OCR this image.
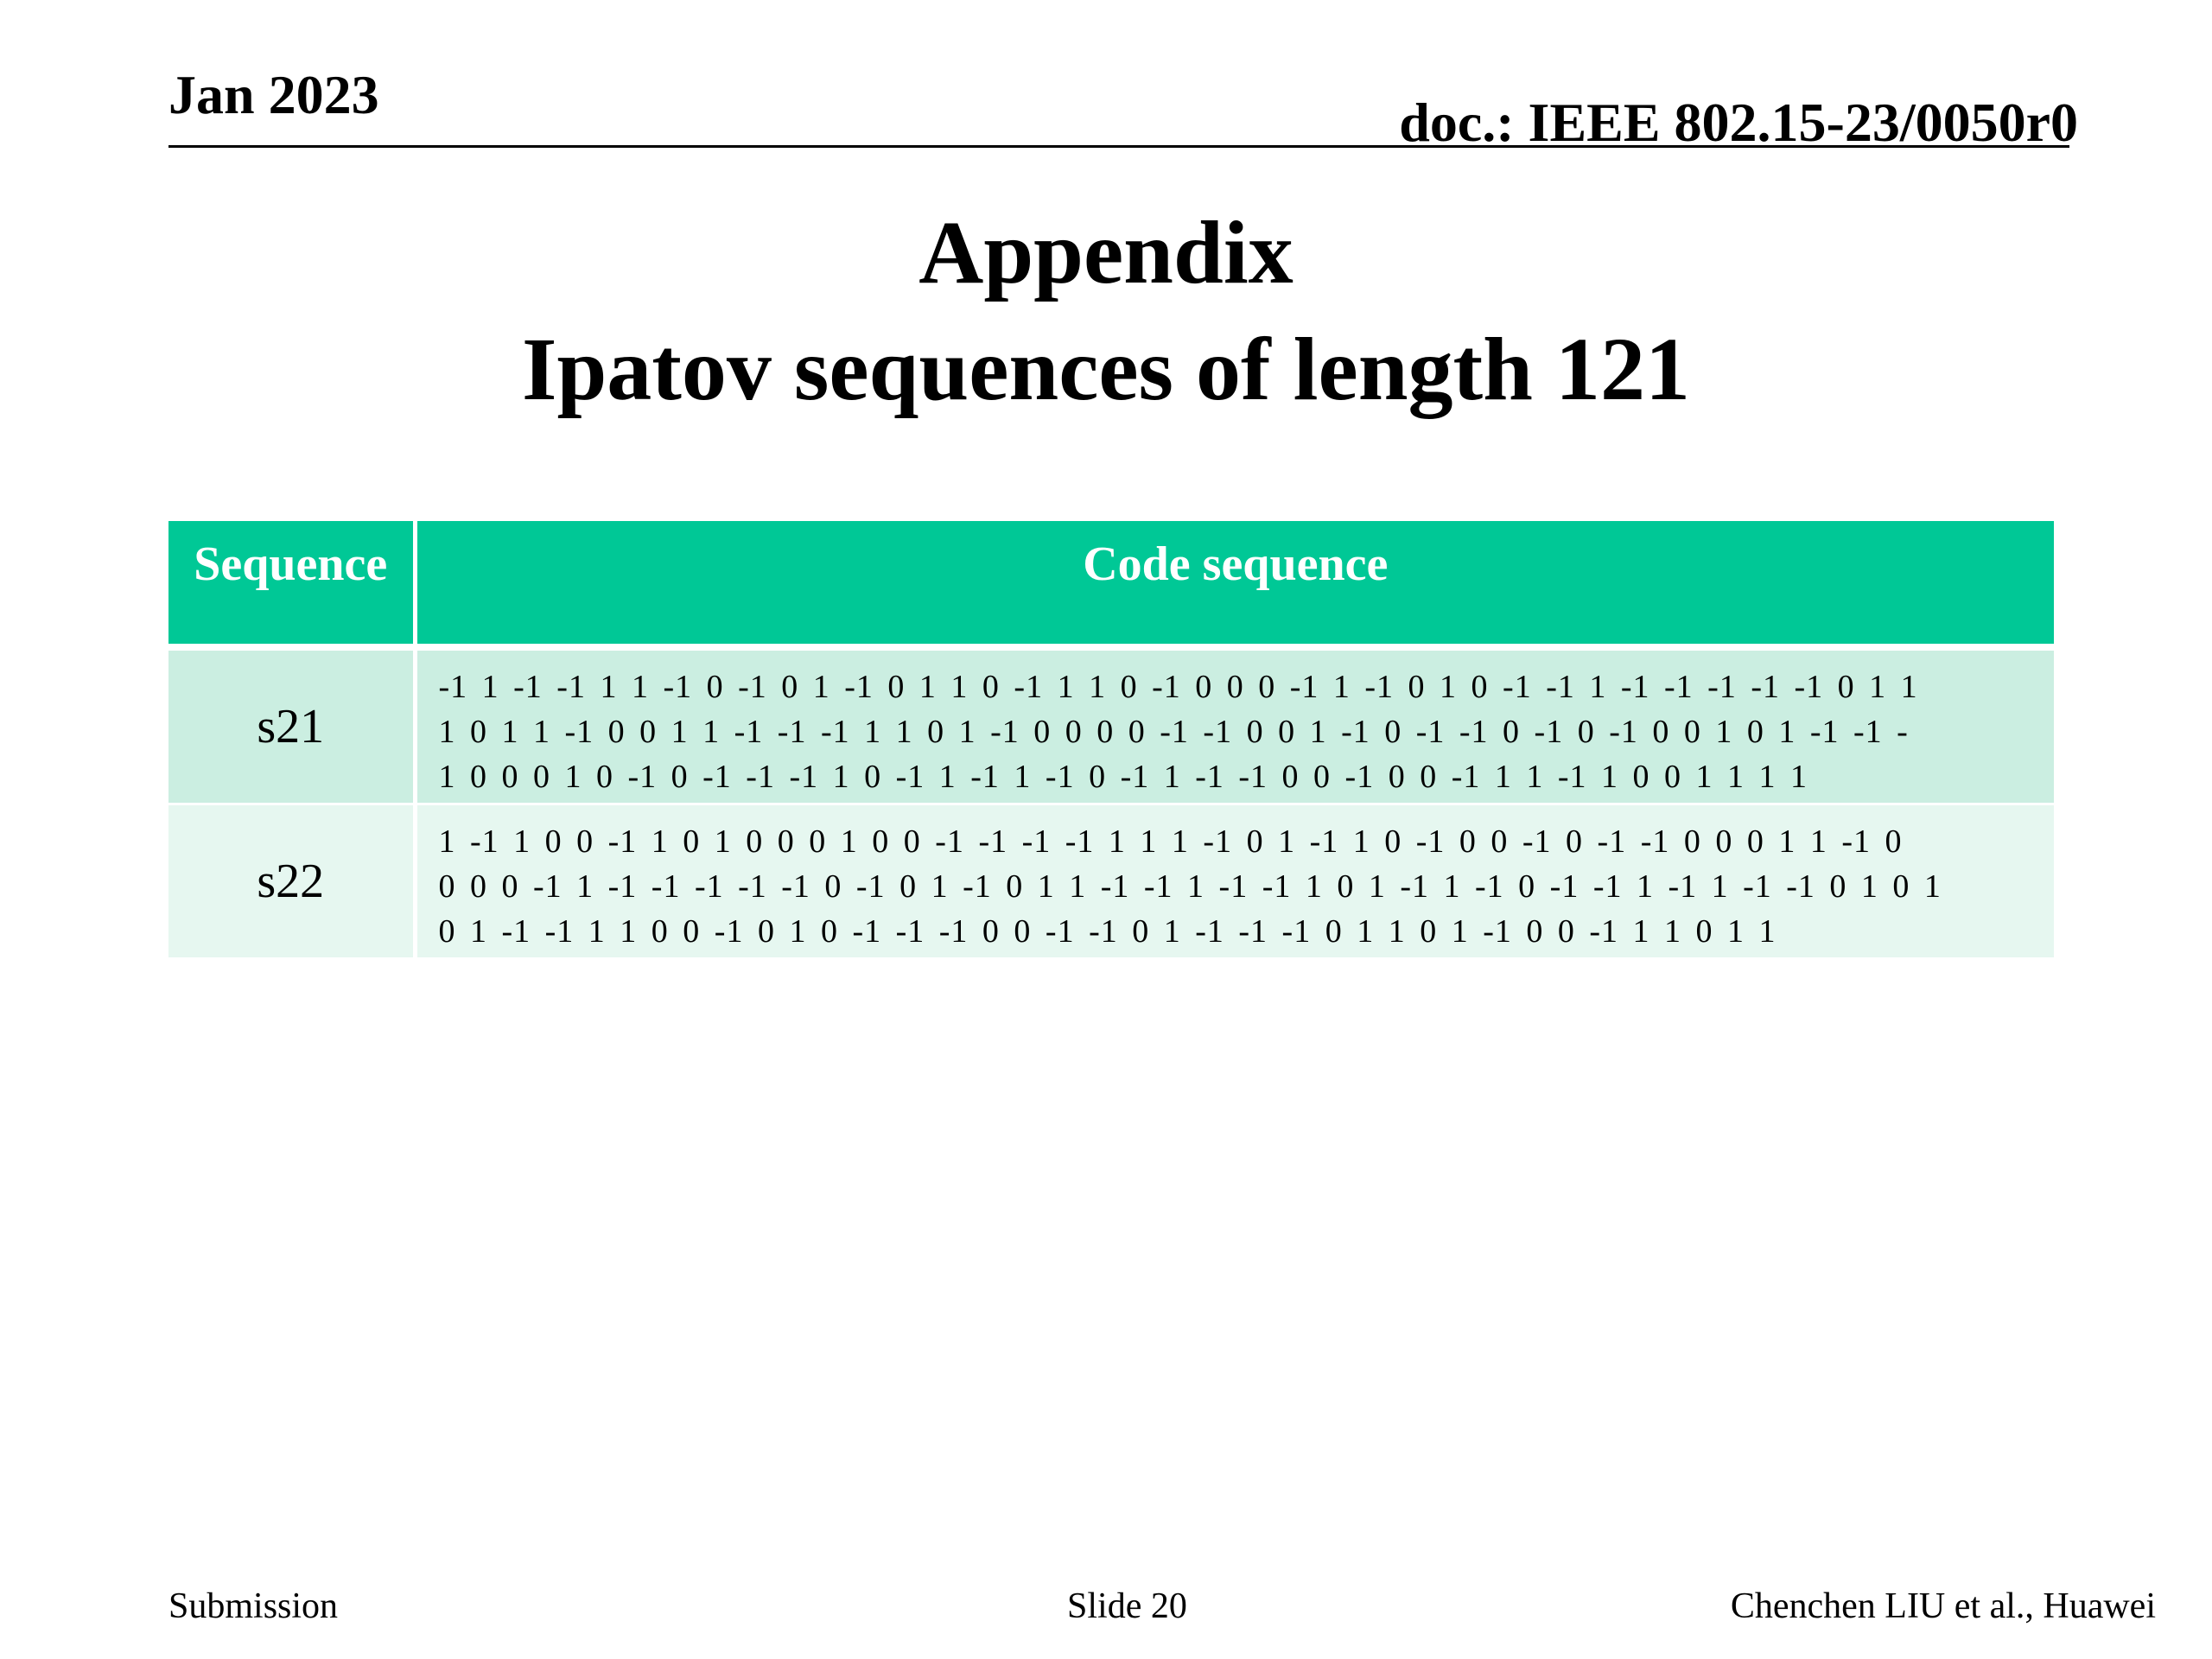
Jan 2023	doc.: IEEE 802.15-23/0050r0
Appendix
Ipatov sequences of length 121
Sequence	Code sequence

s21	-1 1 -1 -1 1 1 -1 0 -1 0 1 -1 0 1 1 0 -1 1 1 0 -1 0 0 0 -1 1 -1 0 1 0 -1 -1 1 -1 -1 -1 -1 -1 0 1 1
1 0 1 1 -1 0 0 1 1 -1 -1 -1 1 1 0 1 -1 0 0 0 0 -1 -1 0 0 1 -1 0 -1 -1 0 -1 0 -1 0 0 1 0 1 -1 -1 -
1 0 0 0 1 0 -1 0 -1 -1 -1 1 0 -1 1 -1 1 -1 0 -1 1 -1 -1 0 0 -1 0 0 -1 1 1 -1 1 0 0 1 1 1 1

s22	1 -1 1 0 0 -1 1 0 1 0 0 0 1 0 0 -1 -1 -1 -1 1 1 1 -1 0 1 -1 1 0 -1 0 0 -1 0 -1 -1 0 0 0 1 1 -1 0
0 0 0 -1 1 -1 -1 -1 -1 -1 0 -1 0 1 -1 0 1 1 -1 -1 1 -1 -1 1 0 1 -1 1 -1 0 -1 -1 1 -1 1 -1 -1 0 1 0 1
0 1 -1 -1 1 1 0 0 -1 0 1 0 -1 -1 -1 0 0 -1 -1 0 1 -1 -1 -1 0 1 1 0 1 -1 0 0 -1 1 1 0 1 1
Submission	Slide 20	Chenchen LIU et al., Huawei
